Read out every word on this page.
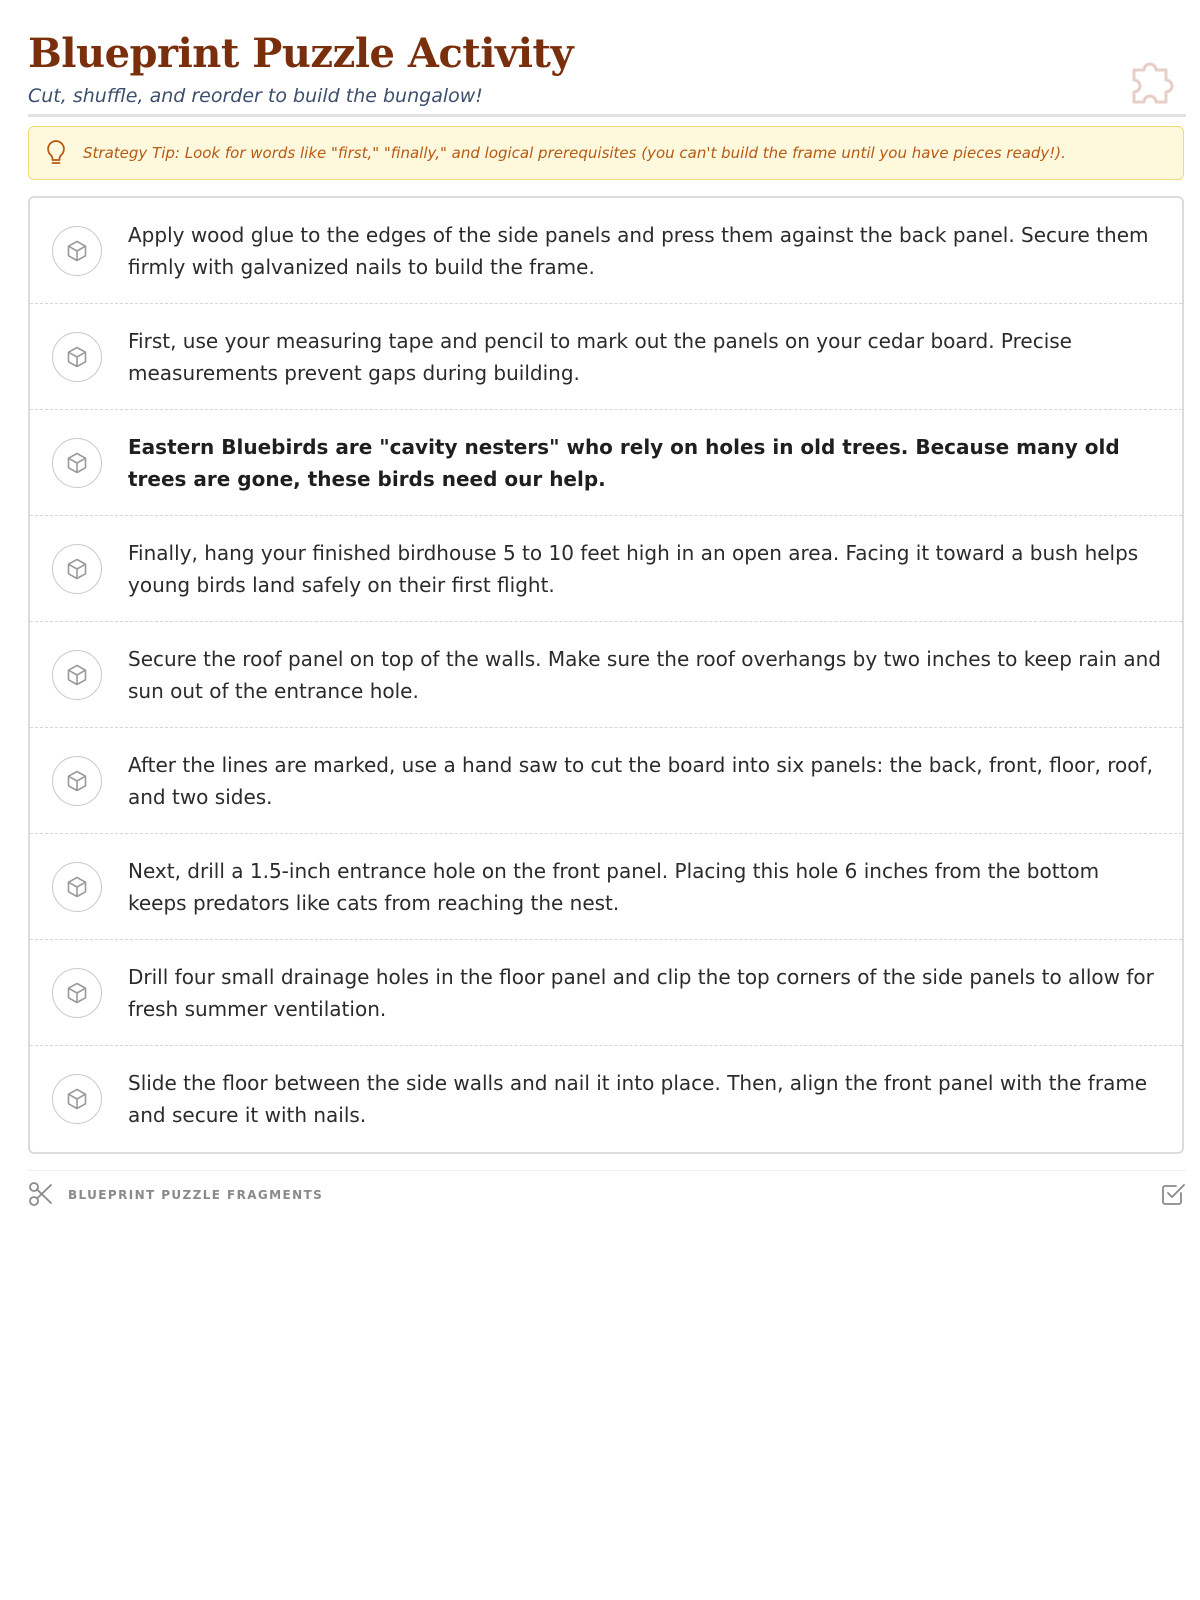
Blueprint Puzzle Activity
Cut, shuffle, and reorder to build the bungalow!
Strategy Tip: Look for words like "first," "finally," and logical prerequisites (you can't build the frame until you have pieces ready!).
Apply wood glue to the edges of the side panels and press them against the back panel. Secure them firmly with galvanized nails to build the frame.
First, use your measuring tape and pencil to mark out the panels on your cedar board. Precise measurements prevent gaps during building.
Eastern Bluebirds are "cavity nesters" who rely on holes in old trees. Because many old trees are gone, these birds need our help.
Finally, hang your finished birdhouse 5 to 10 feet high in an open area. Facing it toward a bush helps young birds land safely on their first flight.
Secure the roof panel on top of the walls. Make sure the roof overhangs by two inches to keep rain and sun out of the entrance hole.
After the lines are marked, use a hand saw to cut the board into six panels: the back, front, floor, roof, and two sides.
Next, drill a 1.5-inch entrance hole on the front panel. Placing this hole 6 inches from the bottom keeps predators like cats from reaching the nest.
Drill four small drainage holes in the floor panel and clip the top corners of the side panels to allow for fresh summer ventilation.
Slide the floor between the side walls and nail it into place. Then, align the front panel with the frame and secure it with nails.
BLUEPRINT PUZZLE FRAGMENTS
